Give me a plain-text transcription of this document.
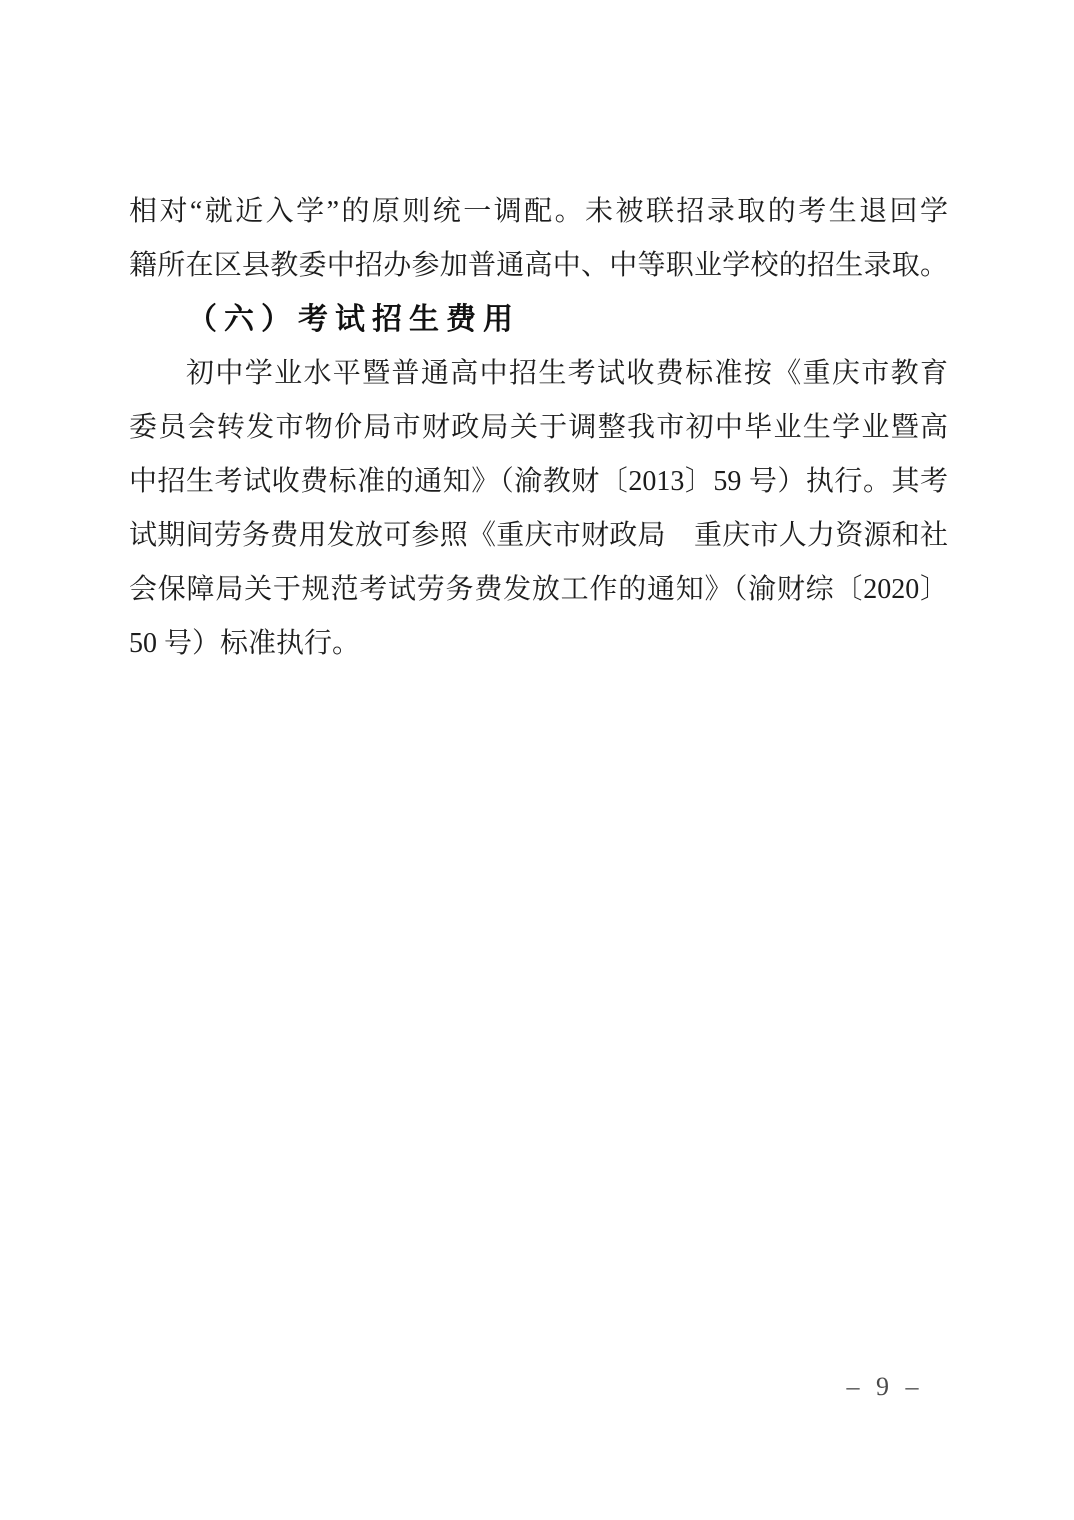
相对“就近入学”的原则统一调配。未被联招录取的考生退回学
籍所在区县教委中招办参加普通高中、中等职业学校的招生录取。
（六）考试招生费用
初中学业水平暨普通高中招生考试收费标准按《重庆市教育
委员会转发市物价局市财政局关于调整我市初中毕业生学业暨高
中招生考试收费标准的通知》（渝教财〔2013〕59 号）执行。其考
试期间劳务费用发放可参照《重庆市财政局　重庆市人力资源和社
会保障局关于规范考试劳务费发放工作的通知》（渝财综〔2020〕
50 号）标准执行。
– 9 –
